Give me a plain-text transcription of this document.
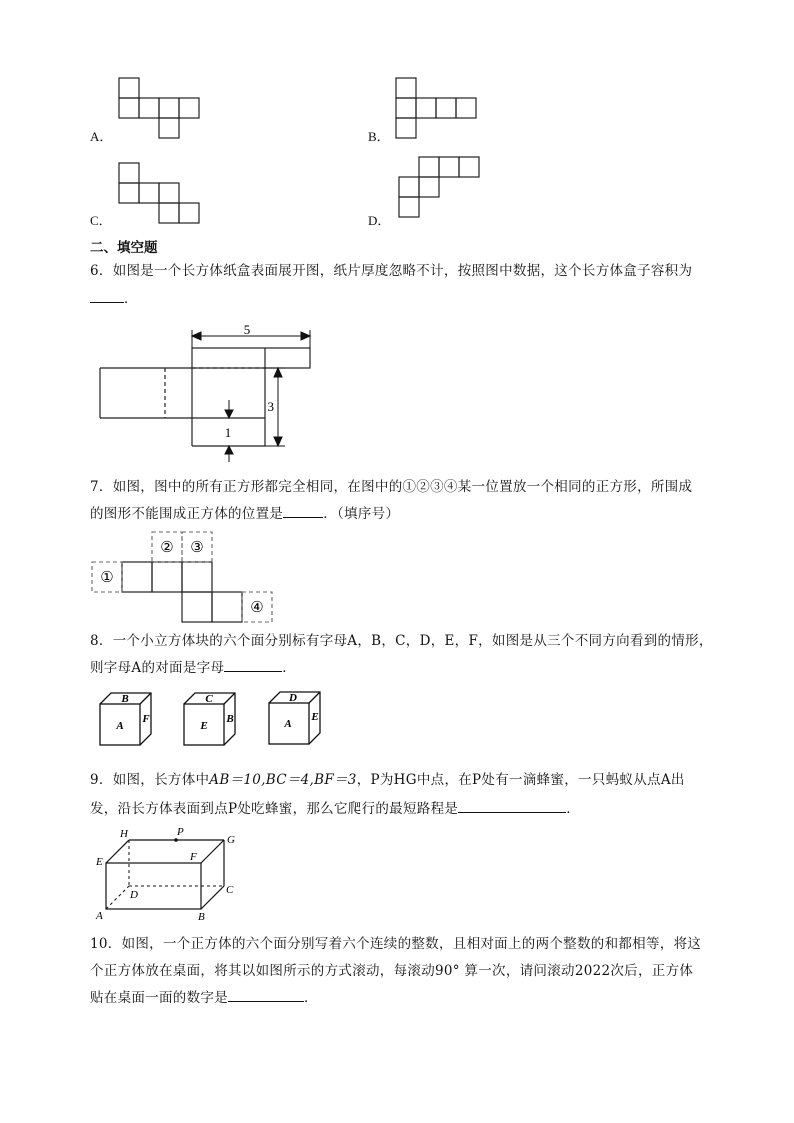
A．	B．
C．	D．
二、填空题
6．如图是一个长方体纸盒表面展开图，纸片厚度忽略不计，按照图中数据，这个长方体盒子容积为
．
5
3
1
7．如图，图中的所有正方形都完全相同，在图中的①②③④某一位置放一个相同的正方形，所围成
的图形不能围成正方体的位置是	．（填序号）
①
② ③
④
8．一个小立方体块的六个面分别标有字母A，B，C，D，E，F，如图是从三个不同方向看到的情形，
则字母A的对面是字母	．
B
A
F
C
E
B
D
A
E
9．如图，长方体中AB＝10,BC＝4,BF＝3，P为HG中点，在P处有一滴蜂蜜，一只蚂蚁从点A出
发，沿长方体表面到点P处吃蜂蜜，那么它爬行的最短路程是	．
H	P
G
E	F
D	C
A	B
10．如图，一个正方体的六个面分别写着六个连续的整数，且相对面上的两个整数的和都相等，将这
个正方体放在桌面，将其以如图所示的方式滚动，每滚动90° 算一次，请问滚动2022次后，正方体
贴在桌面一面的数字是	．
